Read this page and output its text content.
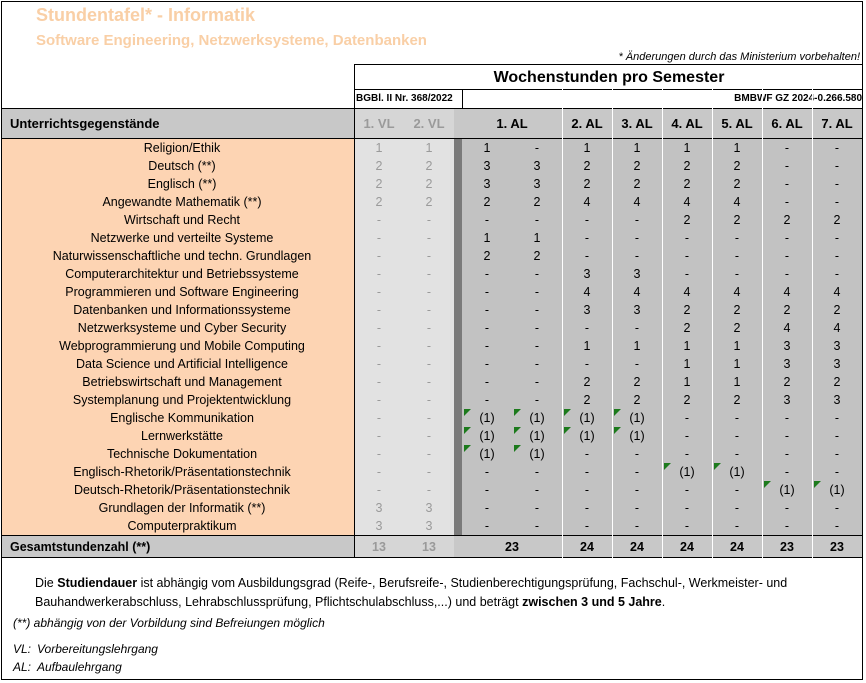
Stundentafel* - Informatik
Software Engineering, Netzwerksysteme, Datenbanken
* Änderungen durch das Ministerium vorbehalten!
Wochenstunden pro Semester
BGBl. II Nr. 368/2022	BMBWF GZ 2024-0.266.580
Unterrichtsgegenstände	1. VL	2. VL		1. AL		2. AL	3. AL	4. AL	5. AL	6. AL	7. AL
Religion/Ethik	1	1		1	-	1	1	1	1	-	-
Deutsch (**)	2	2		3	3	2	2	2	2	-	-
Englisch (**)	2	2		3	3	2	2	2	2	-	-
Angewandte Mathematik (**)	2	2		2	2	4	4	4	4	-	-
Wirtschaft und Recht	-	-		-	-	-	-	2	2	2	2
Netzwerke und verteilte Systeme	-	-		1	1	-	-	-	-	-	-
Naturwissenschaftliche und techn. Grundlagen	-	-		2	2	-	-	-	-	-	-
Computerarchitektur und Betriebssysteme	-	-		-	-	3	3	-	-	-	-
Programmieren und Software Engineering	-	-		-	-	4	4	4	4	4	4
Datenbanken und Informationssysteme	-	-		-	-	3	3	2	2	2	2
Netzwerksysteme und Cyber Security	-	-		-	-	-	-	2	2	4	4
Webprogrammierung und Mobile Computing	-	-		-	-	1	1	1	1	3	3
Data Science und Artificial Intelligence	-	-		-	-	-	-	1	1	3	3
Betriebswirtschaft und Management	-	-		-	-	2	2	1	1	2	2
Systemplanung und Projektentwicklung	-	-		-	-	2	2	2	2	3	3
Englische Kommunikation	-	-		(1)	(1)	(1)	(1)	-	-	-	-
Lernwerkstätte	-	-		(1)	(1)	(1)	(1)	-	-	-	-
Technische Dokumentation	-	-		(1)	(1)	-	-	-	-	-	-
Englisch-Rhetorik/Präsentationstechnik	-	-		-	-	-	-	(1)	(1)	-	-
Deutsch-Rhetorik/Präsentationstechnik	-	-		-	-	-	-	-	-	(1)	(1)
Grundlagen der Informatik (**)	3	3		-	-	-	-	-	-	-	-
Computerpraktikum	3	3		-	-	-	-	-	-	-	-
Gesamtstundenzahl (**)	13	13		23		24	24	24	24	23	23
Die Studiendauer ist abhängig vom Ausbildungsgrad (Reife-, Berufsreife-, Studienberechtigungsprüfung, Fachschul-, Werkmeister- und Bauhandwerkerabschluss, Lehrabschlussprüfung, Pflichtschulabschluss,...) und beträgt zwischen 3 und 5 Jahre.
(**) abhängig von der Vorbildung sind Befreiungen möglich
VL: Vorbereitungslehrgang
AL: Aufbaulehrgang
